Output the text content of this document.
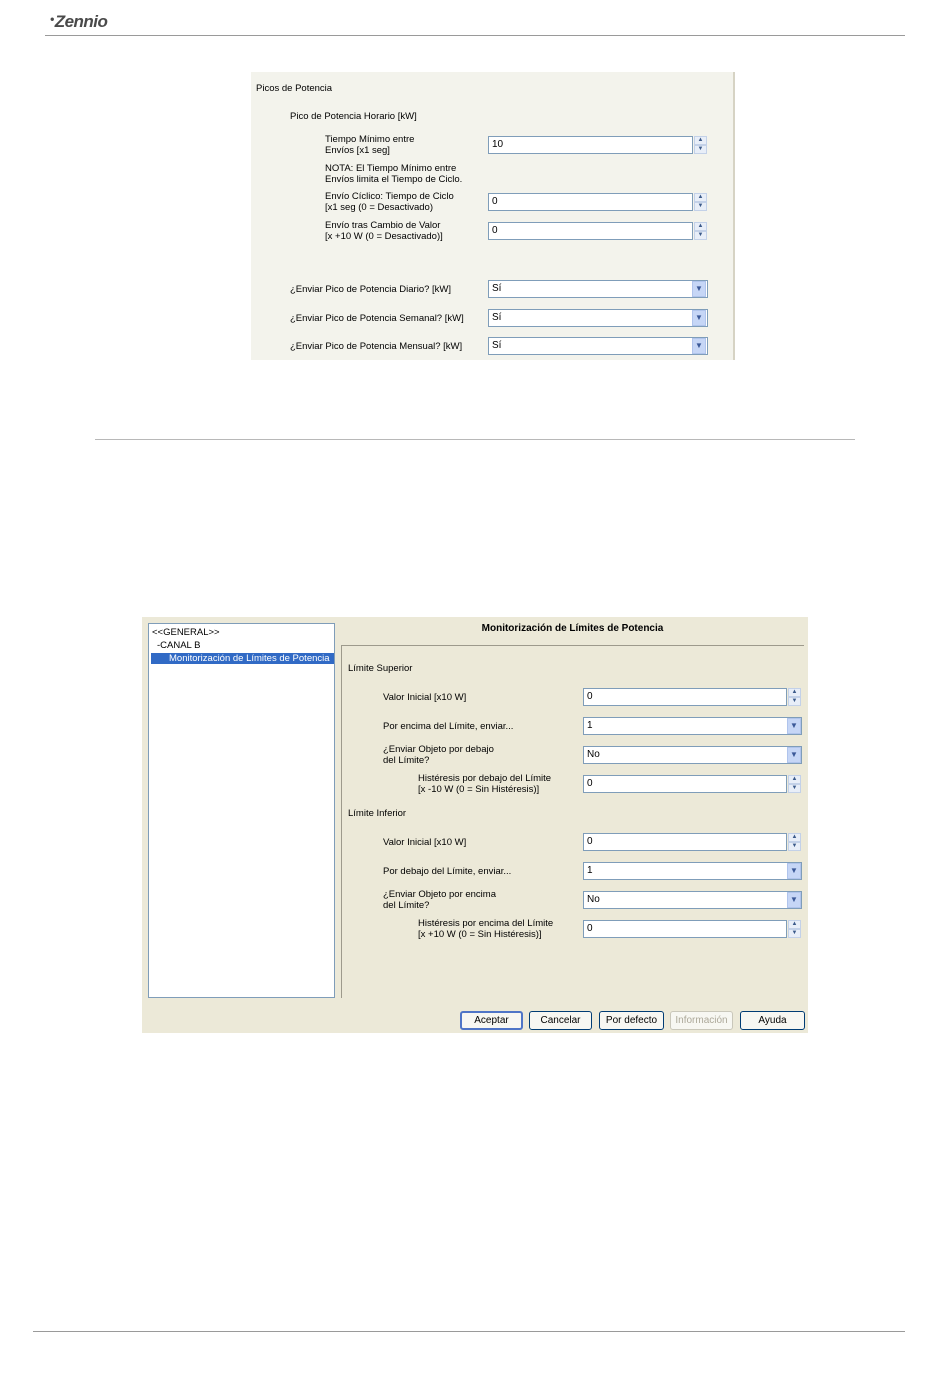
•Zennio
Picos de Potencia
Pico de Potencia Horario [kW]
Tiempo Mínimo entre
Envíos [x1 seg]
10	▲
▼
NOTA: El Tiempo Mínimo entre
Envíos limita el Tiempo de Ciclo.
Envío Cíclico: Tiempo de Ciclo
[x1 seg (0 = Desactivado)
0	▲
▼
Envío tras Cambio de Valor
[x +10 W (0 = Desactivado)]
0	▲
▼
¿Enviar Pico de Potencia Diario? [kW]	Sí	▼
¿Enviar Pico de Potencia Semanal? [kW]	Sí	▼
¿Enviar Pico de Potencia Mensual? [kW]	Sí	▼
<<GENERAL>>
-CANAL B
Monitorización de Límites de Potencia
Monitorización de Límites de Potencia
Límite Superior
Valor Inicial [x10 W]	0	▲
▼
Por encima del Límite, enviar...	1	▼
¿Enviar Objeto por debajo
del Límite?
No	▼
Histéresis por debajo del Límite
[x -10 W (0 = Sin Histéresis)]
0	▲
▼
Límite Inferior
Valor Inicial [x10 W]	0	▲
▼
Por debajo del Límite, enviar...	1	▼
¿Enviar Objeto por encima
del Límite?
No	▼
Histéresis por encima del Límite
[x +10 W (0 = Sin Histéresis)]
0	▲
▼
Aceptar	Cancelar	Por defecto	Información	Ayuda
